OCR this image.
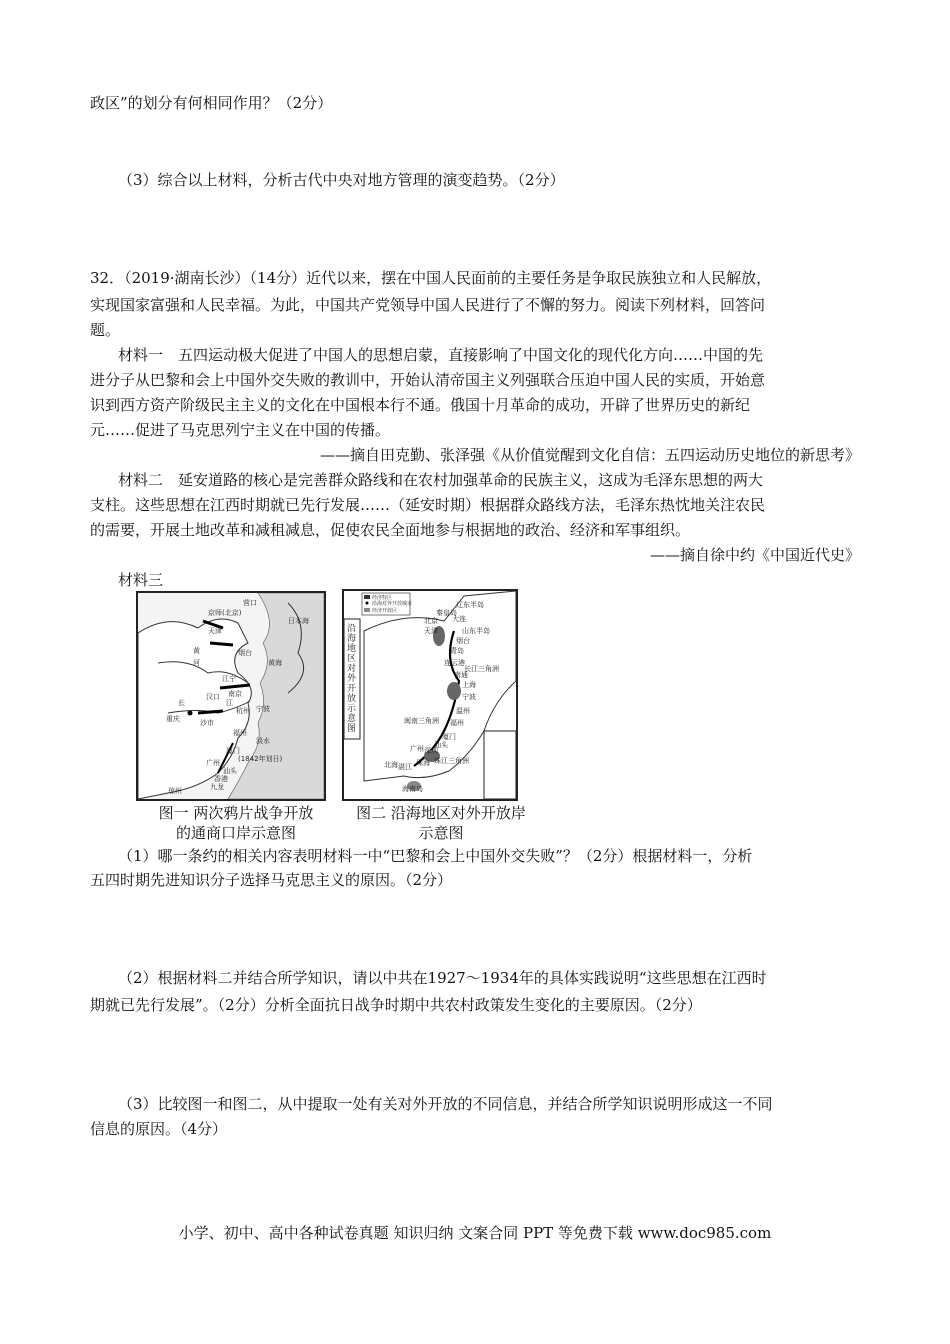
政区”的划分有何相同作用？（2分）
（3）综合以上材料，分析古代中央对地方管理的演变趋势。（2分）
32．（2019·湖南长沙）（14分）近代以来，摆在中国人民面前的主要任务是争取民族独立和人民解放，
实现国家富强和人民幸福。为此，中国共产党领导中国人民进行了不懈的努力。阅读下列材料，回答问
题。
材料一　五四运动极大促进了中国人的思想启蒙，直接影响了中国文化的现代化方向……中国的先
进分子从巴黎和会上中国外交失败的教训中，开始认清帝国主义列强联合压迫中国人民的实质，开始意
识到西方资产阶级民主主义的文化在中国根本行不通。俄国十月革命的成功，开辟了世界历史的新纪
元……促进了马克思列宁主义在中国的传播。
——摘自田克勤、张泽强《从价值觉醒到文化自信：五四运动历史地位的新思考》
材料二　延安道路的核心是完善群众路线和在农村加强革命的民族主义，这成为毛泽东思想的两大
支柱。这些思想在江西时期就已先行发展……（延安时期）根据群众路线方法，毛泽东热忱地关注农民
的需要，开展土地改革和减租减息，促使农民全面地参与根据地的政治、经济和军事组织。
——摘自徐中约《中国近代史》
材料三
京师(北京)
营口
天津
日本海
黄
河
烟台
黄海
汉口
江宁
南京
长
沙市
江
杭州 宁波
重庆
福州
淡水
厦门
汕头
广州
香港
琼州
(1842年划日)
九龙
沿海地区对外开放示意图
经济特区
沿海对外开放城市
经济开放区
北京
天津
大连
秦皇岛
烟台
青岛
连云港
南通
上海
宁波
温州
福州
厦门
汕头
深圳
珠海
广州
湛江
北海
海南岛
长江三角洲
闽南三角洲
珠江三角洲
辽东半岛
山东半岛
图一 两次鸦片战争开放
的通商口岸示意图
图二 沿海地区对外开放岸
示意图
（1）哪一条约的相关内容表明材料一中“巴黎和会上中国外交失败”？（2分）根据材料一，分析
五四时期先进知识分子选择马克思主义的原因。（2分）
（2）根据材料二并结合所学知识，请以中共在1927～1934年的具体实践说明“这些思想在江西时
期就已先行发展”。（2分）分析全面抗日战争时期中共农村政策发生变化的主要原因。（2分）
（3）比较图一和图二，从中提取一处有关对外开放的不同信息，并结合所学知识说明形成这一不同
信息的原因。（4分）
小学、初中、高中各种试卷真题 知识归纳 文案合同 PPT 等免费下载 www.doc985.com
